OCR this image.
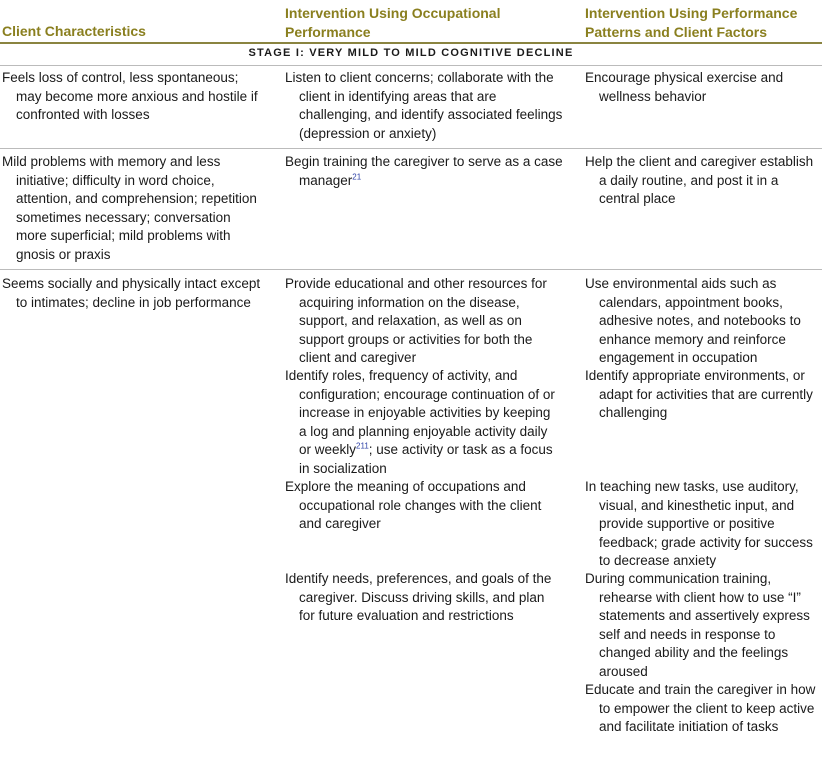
Client Characteristics
Intervention Using Occupational Performance
Intervention Using Performance Patterns and Client Factors
STAGE I: VERY MILD TO MILD COGNITIVE DECLINE

Feels loss of control, less spontaneous; may become more anxious and hostile if confronted with losses

Listen to client concerns; collaborate with the client in identifying areas that are challenging, and identify associated feelings (depression or anxiety)

Encourage physical exercise and wellness behavior

Mild problems with memory and less initiative; difficulty in word choice, attention, and comprehension; repetition sometimes necessary; conversation more superficial; mild problems with gnosis or praxis

Begin training the caregiver to serve as a case manager$^{21}$

Help the client and caregiver establish a daily routine, and post it in a central place

Seems socially and physically intact except to intimates; decline in job performance

Provide educational and other resources for acquiring information on the disease, support, and relaxation, as well as on support groups or activities for both the client and caregiver

Identify roles, frequency of activity, and configuration; encourage continuation of or increase in enjoyable activities by keeping a log and planning enjoyable activity daily or weekly$^{211}$; use activity or task as a focus in socialization

Explore the meaning of occupations and occupational role changes with the client and caregiver

Identify needs, preferences, and goals of the caregiver. Discuss driving skills, and plan for future evaluation and restrictions

Use environmental aids such as calendars, appointment books, adhesive notes, and notebooks to enhance memory and reinforce engagement in occupation

Identify appropriate environments, or adapt for activities that are currently challenging

In teaching new tasks, use auditory, visual, and kinesthetic input, and provide supportive or positive feedback; grade activity for success to decrease anxiety

During communication training, rehearse with client how to use “I” statements and assertively express self and needs in response to changed ability and the feelings aroused

Educate and train the caregiver in how to empower the client to keep active and facilitate initiation of tasks
